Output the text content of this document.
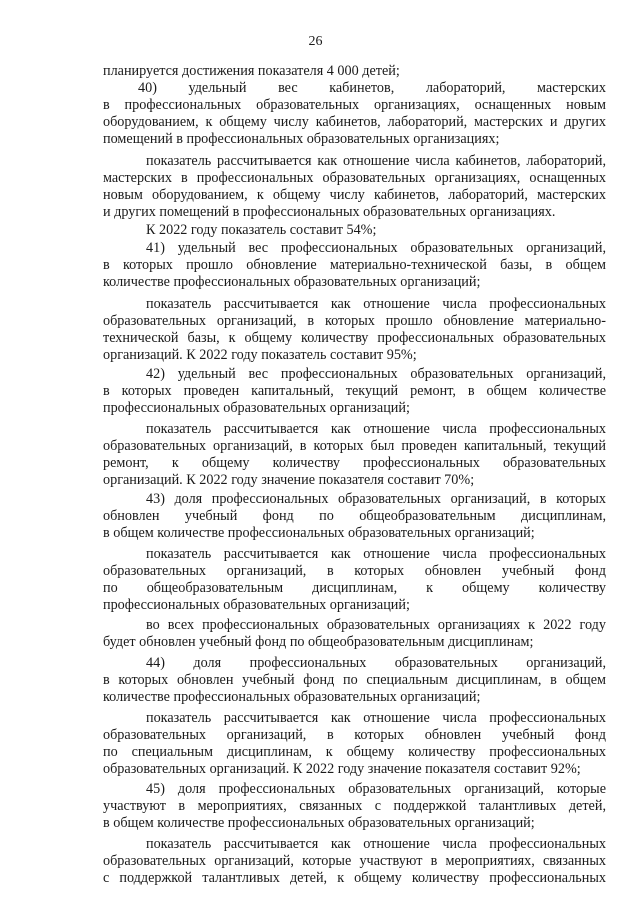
26
планируется достижения показателя 4 000 детей;
40) удельный вес кабинетов, лабораторий, мастерских
в профессиональных образовательных организациях, оснащенных новым
оборудованием, к общему числу кабинетов, лабораторий, мастерских и других
помещений в профессиональных образовательных организациях;
показатель рассчитывается как отношение числа кабинетов, лабораторий,
мастерских в профессиональных образовательных организациях, оснащенных
новым оборудованием, к общему числу кабинетов, лабораторий, мастерских
и других помещений в профессиональных образовательных организациях.
К 2022 году показатель составит 54%;
41) удельный вес профессиональных образовательных организаций,
в которых прошло обновление материально-технической базы, в общем
количестве профессиональных образовательных организаций;
показатель рассчитывается как отношение числа профессиональных
образовательных организаций, в которых прошло обновление материально-
технической базы, к общему количеству профессиональных образовательных
организаций. К 2022 году показатель составит 95%;
42) удельный вес профессиональных образовательных организаций,
в которых проведен капитальный, текущий ремонт, в общем количестве
профессиональных образовательных организаций;
показатель рассчитывается как отношение числа профессиональных
образовательных организаций, в которых был проведен капитальный, текущий
ремонт, к общему количеству профессиональных образовательных
организаций. К 2022 году значение показателя составит 70%;
43) доля профессиональных образовательных организаций, в которых
обновлен учебный фонд по общеобразовательным дисциплинам,
в общем количестве профессиональных образовательных организаций;
показатель рассчитывается как отношение числа профессиональных
образовательных организаций, в которых обновлен учебный фонд
по общеобразовательным дисциплинам, к общему количеству
профессиональных образовательных организаций;
во всех профессиональных образовательных организациях к 2022 году
будет обновлен учебный фонд по общеобразовательным дисциплинам;
44) доля профессиональных образовательных организаций,
в которых обновлен учебный фонд по специальным дисциплинам, в общем
количестве профессиональных образовательных организаций;
показатель рассчитывается как отношение числа профессиональных
образовательных организаций, в которых обновлен учебный фонд
по специальным дисциплинам, к общему количеству профессиональных
образовательных организаций. К 2022 году значение показателя составит 92%;
45) доля профессиональных образовательных организаций, которые
участвуют в мероприятиях, связанных с поддержкой талантливых детей,
в общем количестве профессиональных образовательных организаций;
показатель рассчитывается как отношение числа профессиональных
образовательных организаций, которые участвуют в мероприятиях, связанных
с поддержкой талантливых детей, к общему количеству профессиональных
